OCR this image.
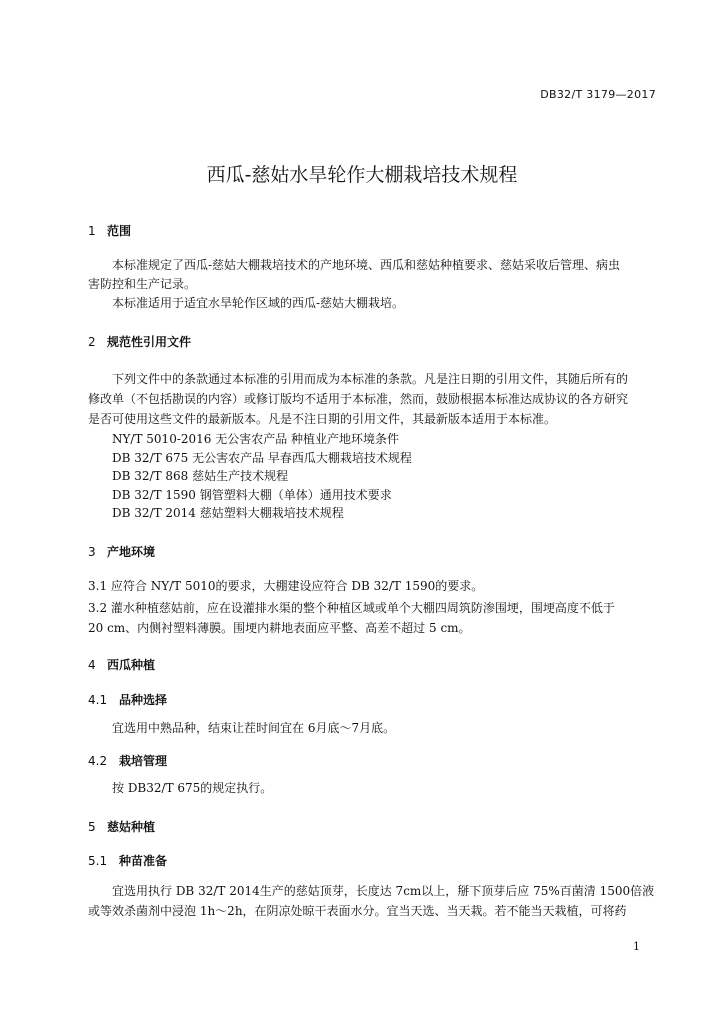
DB32/T 3179—2017
西瓜-慈姑水旱轮作大棚栽培技术规程
1 范围
本标准规定了西瓜-慈姑大棚栽培技术的产地环境、西瓜和慈姑种植要求、慈姑采收后管理、病虫
害防控和生产记录。
本标准适用于适宜水旱轮作区域的西瓜-慈姑大棚栽培。
2 规范性引用文件
下列文件中的条款通过本标准的引用而成为本标准的条款。凡是注日期的引用文件，其随后所有的
修改单（不包括勘误的内容）或修订版均不适用于本标准，然而，鼓励根据本标准达成协议的各方研究
是否可使用这些文件的最新版本。凡是不注日期的引用文件，其最新版本适用于本标准。
NY/T 5010-2016 无公害农产品 种植业产地环境条件
DB 32/T 675 无公害农产品 早春西瓜大棚栽培技术规程
DB 32/T 868 慈姑生产技术规程
DB 32/T 1590 钢管塑料大棚（单体）通用技术要求
DB 32/T 2014 慈姑塑料大棚栽培技术规程
3 产地环境
3.1 应符合 NY/T 5010的要求，大棚建设应符合 DB 32/T 1590的要求。
3.2 灌水种植慈姑前，应在设灌排水渠的整个种植区域或单个大棚四周筑防渗围埂，围埂高度不低于
20 cm、内侧衬塑料薄膜。围埂内耕地表面应平整、高差不超过 5 cm。
4 西瓜种植
4.1 品种选择
宜选用中熟品种，结束让茬时间宜在 6月底～7月底。
4.2 栽培管理
按 DB32/T 675的规定执行。
5 慈姑种植
5.1 种苗准备
宜选用执行 DB 32/T 2014生产的慈姑顶芽，长度达 7cm以上，掰下顶芽后应 75%百菌清 1500倍液
或等效杀菌剂中浸泡 1h～2h，在阴凉处晾干表面水分。宜当天选、当天栽。若不能当天栽植，可将药
1
